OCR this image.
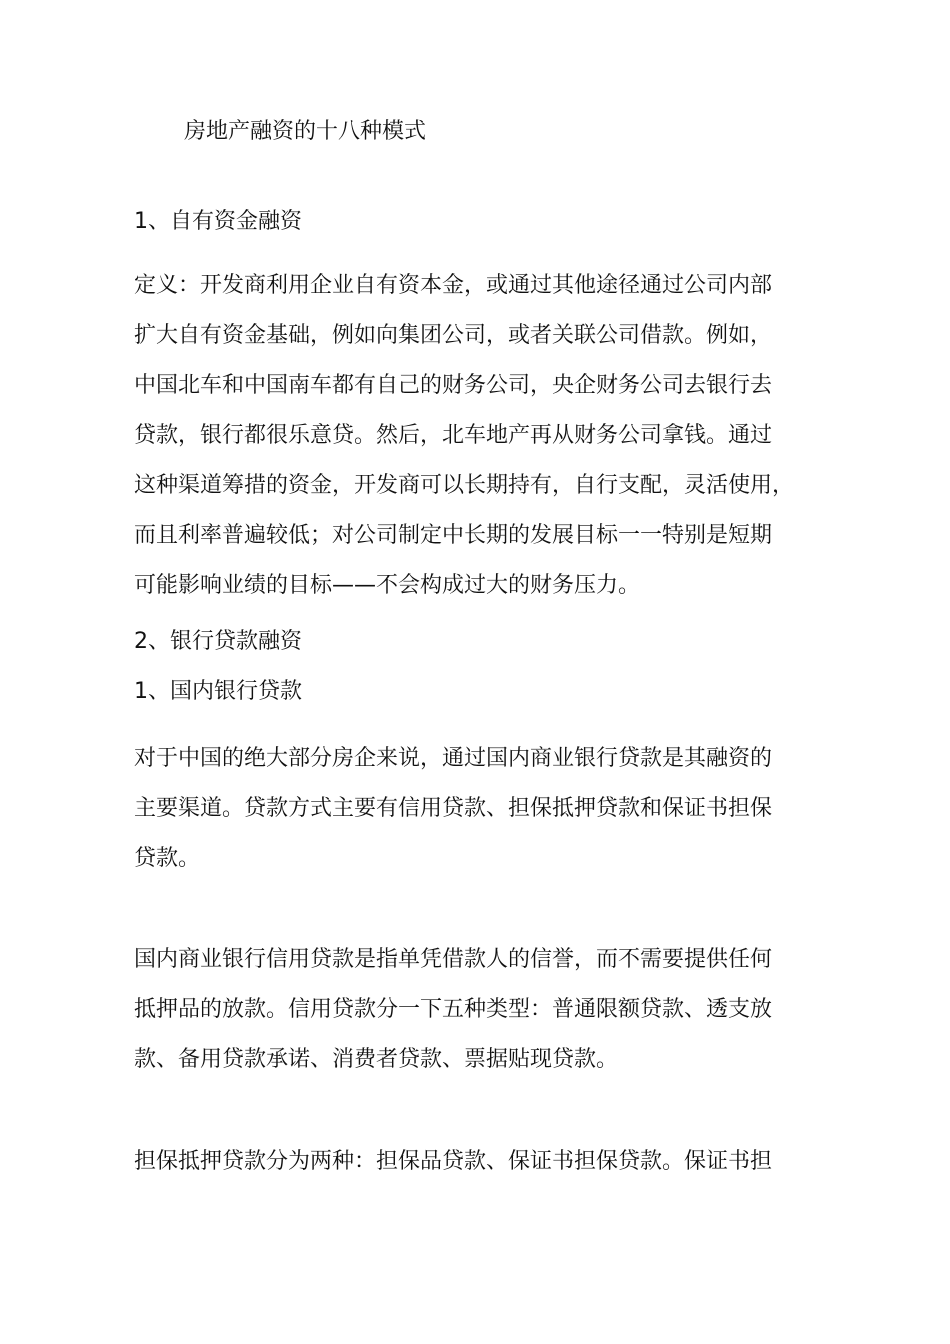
房地产融资的十八种模式
1、自有资金融资
定义：开发商利用企业自有资本金，或通过其他途径通过公司内部
扩大自有资金基础，例如向集团公司，或者关联公司借款。例如，
中国北车和中国南车都有自己的财务公司，央企财务公司去银行去
贷款，银行都很乐意贷。然后，北车地产再从财务公司拿钱。通过
这种渠道筹措的资金，开发商可以长期持有，自行支配，灵活使用，
而且利率普遍较低；对公司制定中长期的发展目标一一特别是短期
可能影响业绩的目标——不会构成过大的财务压力。
2、银行贷款融资
1、国内银行贷款
对于中国的绝大部分房企来说，通过国内商业银行贷款是其融资的
主要渠道。贷款方式主要有信用贷款、担保抵押贷款和保证书担保
贷款。
国内商业银行信用贷款是指单凭借款人的信誉，而不需要提供任何
抵押品的放款。信用贷款分一下五种类型：普通限额贷款、透支放
款、备用贷款承诺、消费者贷款、票据贴现贷款。
担保抵押贷款分为两种：担保品贷款、保证书担保贷款。保证书担
